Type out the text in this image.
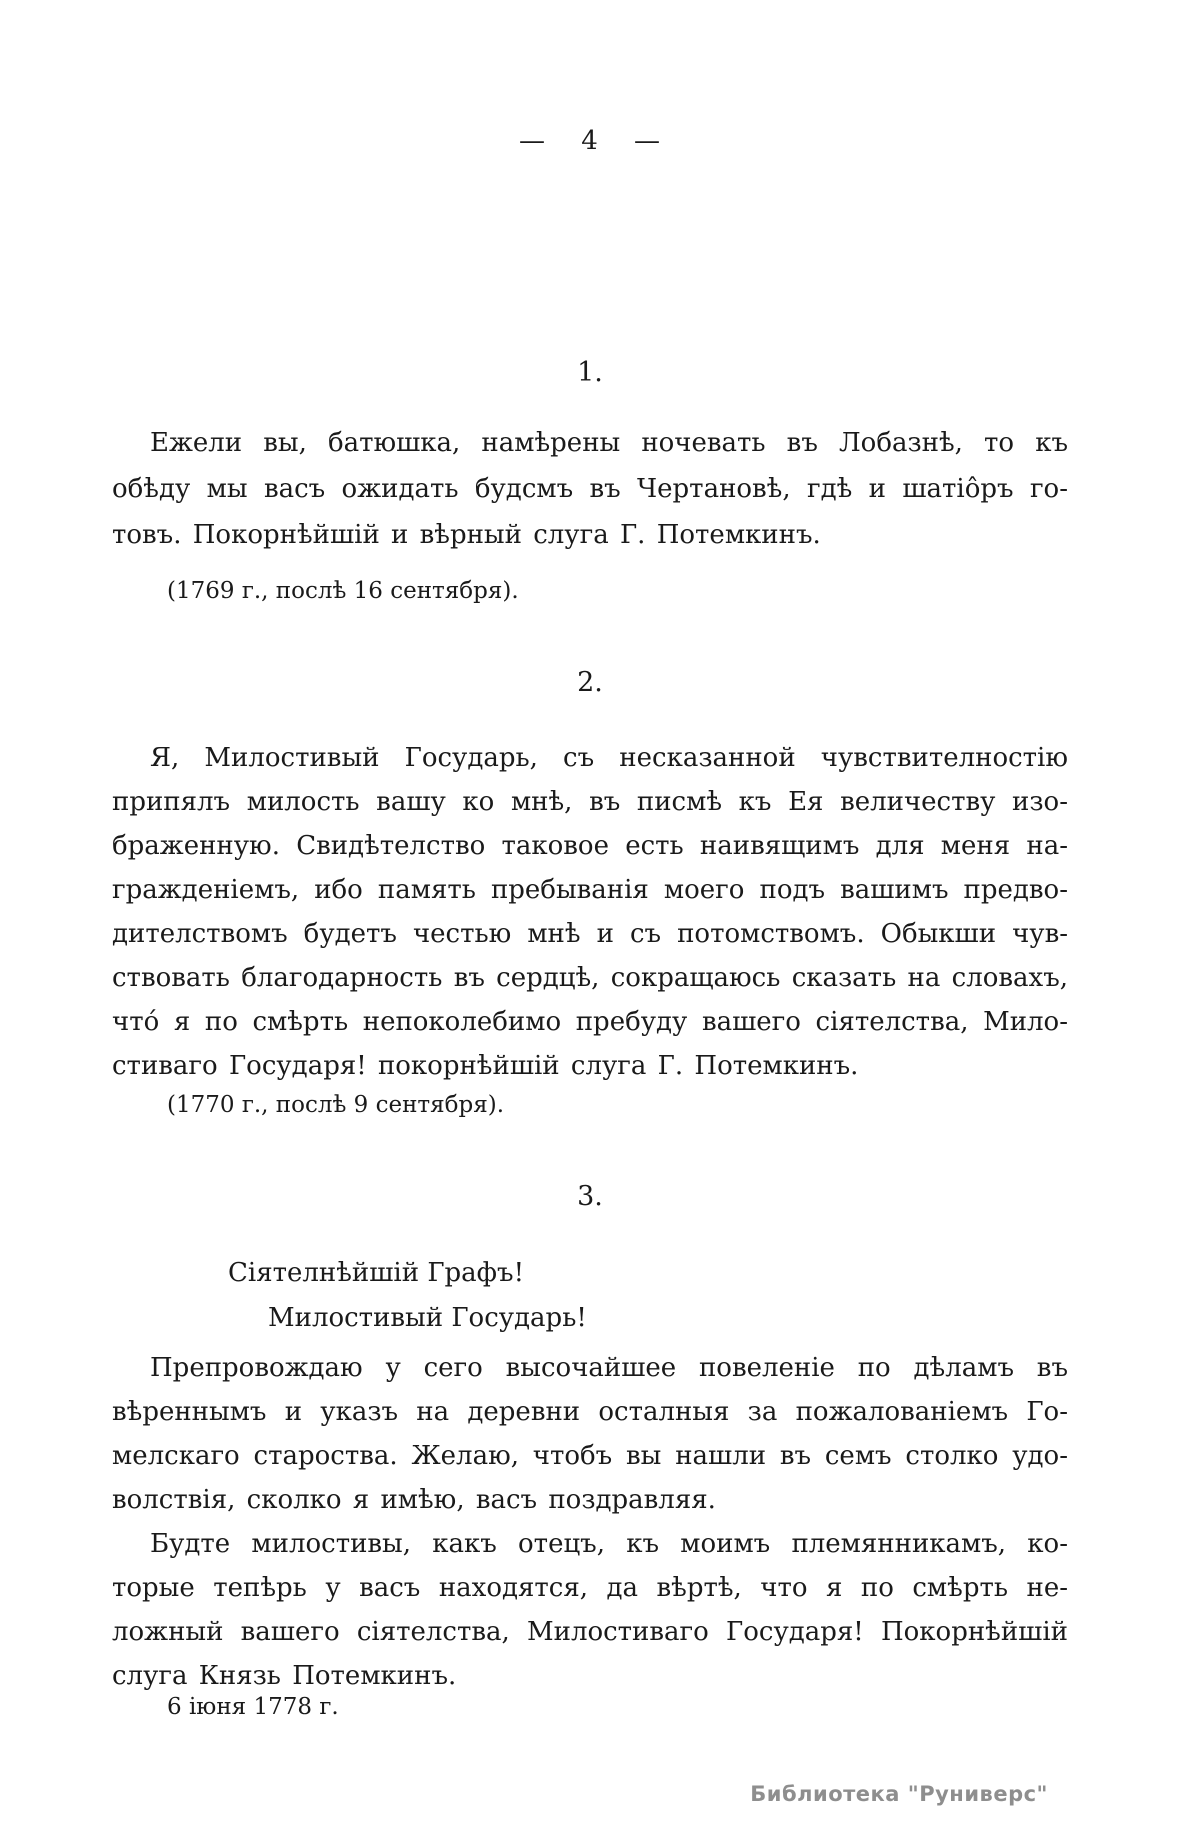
— 4 —
1.
Ежели вы, батюшка, намѣрены ночевать въ Лобазнѣ, то къ
обѣду мы васъ ожидать будсмъ въ Чертановѣ, гдѣ и шатіо̂ръ го-
товъ. Покорнѣйшій и вѣрный слуга Г. Потемкинъ.
(1769 г., послѣ 16 сентября).
2.
Я, Милостивый Государь, съ несказанной чувствителностію
припялъ милость вашу ко мнѣ, въ писмѣ къ Ея величеству изо-
браженную. Свидѣтелство таковое есть наивящимъ для меня на-
гражденіемъ, ибо память пребыванія моего подъ вашимъ предво-
дителствомъ будетъ честью мнѣ и съ потомствомъ. Обыкши чув-
ствовать благодарность въ сердцѣ, сокращаюсь сказать на словахъ,
что́ я по смѣрть непоколебимо пребуду вашего сіятелства, Мило-
стиваго Государя! покорнѣйшій слуга Г. Потемкинъ.
(1770 г., послѣ 9 сентября).
3.
Сіятелнѣйшій Графъ!
Милостивый Государь!
Препровождаю у сего высочайшее повеленіе по дѣламъ въ
вѣреннымъ и указъ на деревни осталныя за пожалованіемъ Го-
мелскаго староства. Желаю, чтобъ вы нашли въ семъ столко удо-
волствія, сколко я имѣю, васъ поздравляя.
Будте милостивы, какъ отецъ, къ моимъ племянникамъ, ко-
торые тепѣрь у васъ находятся, да вѣртѣ, что я по смѣрть не-
ложный вашего сіятелства, Милостиваго Государя! Покорнѣйшій
слуга Князь Потемкинъ.
6 іюня 1778 г.
Библиотека "Руниверс"
